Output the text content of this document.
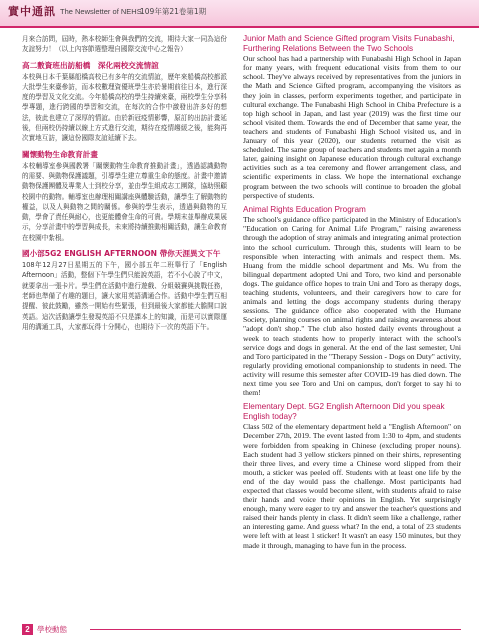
實中通訊 The Newsletter of NEHS
109年第21卷第1期

月來合訪問，屆時，熱本校師生會與我們的交流，期待大家一同為這份友誼努力！（以上內容節選整理自國際交流中心之報告）

高二數資班出訪船橋　深化兩校交流情誼

本校與日本千葉縣船橋高校已有多年的交流情誼，歷年來船橋高校都派大批學生來臺參訪，而本校數理資優班學生亦於暑期前往日本，進行深度的學習及文化交流。今年船橋高校的學生持續來臺，兩校學生分享科學專題，進行跨國的學習和交流，在每次的合作中激發出許多好的想法，彼此也建立了深厚的情誼。由於新冠疫情影響，原訂的出訪計畫延後，但兩校仍持續以線上方式進行交流，期待在疫情趨緩之後，能夠再次實地互訪，讓這份國際友誼延續下去。

關懷動物生命教育計畫

本校輔導室參與國教署「關懷動物生命教育推動計畫」，透過認識動物的需要、與動物保護議題，引導學生建立尊重生命的態度。計畫中邀請動物保護團體及專業人士到校分享，並由學生組成志工團隊，協助照顧校園中的動物。輔導室也辦理相關講座與體驗活動，讓學生了解動物的權益，以及人與動物之間的關係。參與的學生表示，透過與動物的互動，學會了責任與耐心，也更能體會生命的可貴。學期末並舉辦成果展示，分享計畫中的學習與成長，未來將持續推動相關活動，讓生命教育在校園中紮根。

國小部5G2 ENGLISH AFTERNOON 帶你天涯異文下午

108年12月27日星期五的下午，國小部五年二班舉行了「English Afternoon」活動，整個下午學生們只能說英語，若不小心說了中文，就要拿出一張卡片。學生們在活動中進行遊戲、分組競賽與挑戰任務，老師也準備了有趣的題目，讓大家用英語溝通合作。活動中學生們互相提醒、彼此鼓勵，雖然一開始有些緊張，但到最後大家都能大膽開口說英語。這次活動讓學生發現英語不只是課本上的知識，而是可以實際運用的溝通工具，大家都玩得十分開心，也期待下一次的英語下午。

Junior Math and Science Gifted program Visits Funabashi, Furthering Relations Between the Two Schools

Our school has had a partnership with Funabashi High School in Japan for many years, with frequent educational visits from them to our school. They've always received by representatives from the juniors in the Math and Science Gifted program, accompanying the visitors as they join in classes, perform experiments together, and participate in cultural exchange. The Funabashi High School in Chiba Prefecture is a top high school in Japan, and last year (2019) was the first time our school visited them. Towards the end of December that same year, the teachers and students of Funabashi High School visited us, and in January of this year (2020), our students returned the visit as scheduled. The same group of teachers and students met again a month later, gaining insight on Japanese education through cultural exchange activities such as a tea ceremony and flower arrangement class, and scientific experiments in class. We hope the international exchange program between the two schools will continue to broaden the global perspective of students.

Animal Rights Education Program

The school's guidance office participated in the Ministry of Education's "Education on Caring for Animal Life Program," raising awareness through the adoption of stray animals and integrating animal protection into the school curriculum. Through this, students will learn to be responsible when interacting with animals and respect them. Ms. Huang from the middle school department and Ms. Wu from the bilingual department adopted Uni and Toro, two kind and personable dogs. The guidance office hopes to train Uni and Toro as therapy dogs, teaching students, volunteers, and their caregivers how to care for animals and letting the dogs accompany students during therapy sessions. The guidance office also cooperated with the Humane Society, planning courses on animal rights and raising awareness about "adopt don't shop." The club also hosted daily events throughout a week to teach students how to properly interact with the school's service dogs and dogs in general. At the end of the last semester, Uni and Toro participated in the "Therapy Session - Dogs on Duty" activity, regularly providing emotional companionship to students in need. The activity will resume this semester after COVID-19 has died down. The next time you see Toro and Uni on campus, don't forget to say hi to them!

Elementary Dept. 5G2 English Afternoon Did you speak English today?

Class 502 of the elementary department held a "English Afternoon" on December 27th, 2019. The event lasted from 1:30 to 4pm, and students were forbidden from speaking in Chinese (excluding proper nouns). Each student had 3 yellow stickers pinned on their shirts, representing their three lives, and every time a Chinese word slipped from their mouth, a sticker was peeled off. Students with at least one life by the end of the day would pass the challenge. Most participants had expected that classes would become silent, with students afraid to raise their hands and voice their opinions in English. Yet surprisingly enough, many were eager to try and answer the teacher's questions and raised their hands plenty in class. It didn't seem like a challenge, rather an interesting game. And guess what? In the end, a total of 23 students were left with at least 1 sticker! It wasn't an easy 150 minutes, but they made it through, managing to have fun in the process.

2 學校動態
